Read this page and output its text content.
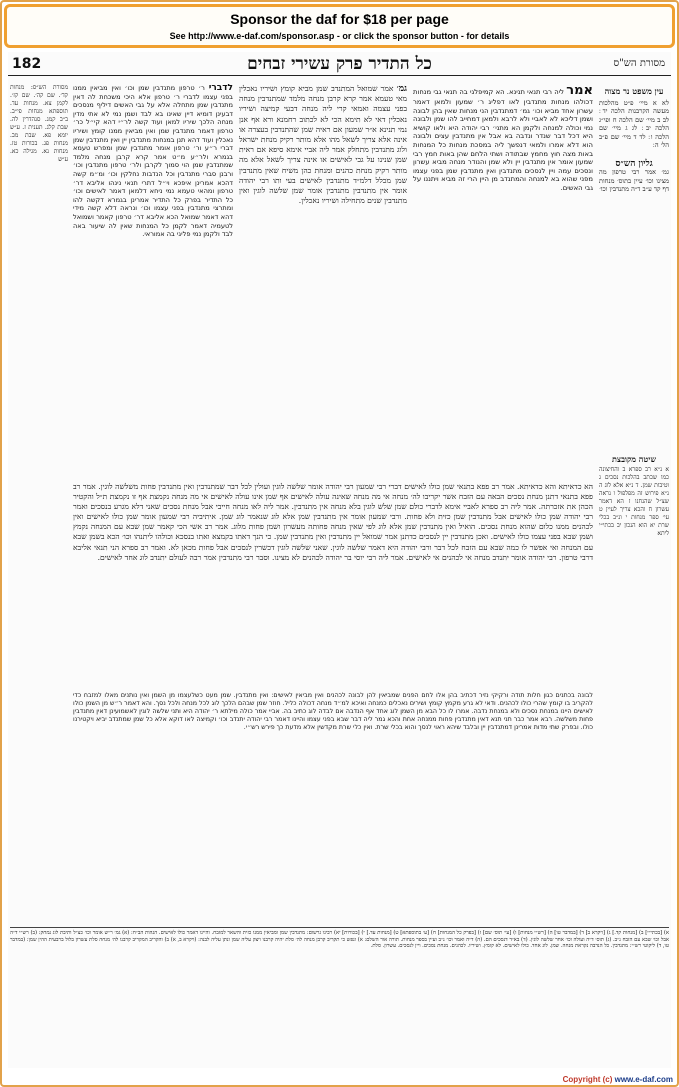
Sponsor the daf for $18 per page
See http://www.e-daf.com/sponsor.asp - or click the sponsor button - for details
מסורת הש"ס
כל התדיר פרק עשירי זבחים
182
עין משפט נר מצוה
לא א מיי׳ פ״ט מהלכות מעשה הקרבנות הלכה יד ׃ לב ב מיי׳ שם הלכה ח ופי״ג הלכה יב ׃ לג ג מיי׳ שם הלכה ו ׃ לד ד מיי׳ שם פ״ב הל׳ ה ׃
גליון הש״ס
גמ׳ אמר רבי טרפון מה מצינו וכו׳ עיין בתוס׳ מנחות דף קד ע״ב ד״ה מתנדבין וכו׳
אמר ליה רבי תנאי תנינא. הא קמיפלגי בה תנאי גבי מנחות דכולהו מנחות מתנדבין לאו דפליג ר׳ שמעון ולמאן דאמר עשרון אחד מביא וכו׳ גמ׳ דמתנדבין הני מנחות שאין בהן לבונה ושמן דליכא לא לאביי ולא לרבא ולמאן דמחייב להו שמן ולבונה נמי וכולה למנחה ולקמן הא מתני׳ רבי יהודה היא ולאו קושיא היא דכל דבר שנדר ונדבה בא אבל אין מתנדבין עצים ולבונה הוא דלא אמרו ולמאי דנפשך ליה במסכת מנחות כל המנחות באות מצה חוץ מחמץ שבתודה ושתי הלחם שהן באות חמץ רבי שמעון אומר אין מתנדבין יין ולא שמן והנודר מנחה מביא עשרון ונסכים עמה ויין לנסכים מתנדבין ואין מתנדבין שמן בפני עצמו מפני שהוא בא למנחה והמתנדב מן היין הרי זה מביא ויתננו על גבי האשים.
גמ׳ אמר שמואל המתנדב שמן מביא קומץ ושיריו נאכלין מאי טעמא אמר קרא קרבן מנחה מלמד שמתנדבין מנחה בפני עצמה ואמאי קרי ליה מנחה דבעי קמיצה ושיריו נאכלין דאי לא תימא הכי לא לכתוב רחמנא ורא אף אנן נמי תנינא א״ר שמעון אם ראיה שמן שהתנדבין בעצרה או אינה אלא צריך לשאל מהו אלא מותר רקיק מנחת ישראל ולוג מתנדבין מתחלק אמר ליה אביי אימא סיפא אם ראית שמן שנינו על גבי לאישים או אינה צריך לשאל אלא מה מותר רקיק מנחת כהנים ומנחת כהן משיח שאין מתנדבין שמן מכלל דלמ״ד מתנדבין לאישים בעי ותו רבי יהודה אומר אין מתנדבין מתנדבין אומר שמן שלשה לוגין ואין מתנדבין שנים מתחילה ושיריו נאכלין.
לדברי ר׳ טרפון מתנדבין שמן וכו׳ ואין מביאין ממנו בפני עצמו לדברי ר׳ טרפון אלא היכי משכחת לה דאין מתנדבין שמן מתחלה אלא על גבי האשים דיליף מנסכים דבעינן דומיא דיין שאינו בא לבד ושמן נמי לא אתי מדין מנחה הלכך שיריו למאן ועוד קשה לר״י דהא קי״ל כר׳ טרפון דאמר מתנדבין שמן ואין מביאין ממנו קומץ ושיריו נאכלין ועוד דהא תנן במנחות מתנדבין יין ואין מתנדבין שמן דברי ר״ע ור׳ טרפון אומר מתנדבין שמן ומפרש טעמא בגמרא ולר״ע מ״ט אמר קרא קרבן מנחה מלמד שמתנדבין שמן הוי סמוך לקרבן ולר׳ טרפון מתנדבין וכו׳ ורבנן סברי מתנדבין וכל הנדבות נחלקין וכו׳ ומ״מ קשה דהכא אמרינן איפכא וי״ל דתרי תנאי נינהו אליבא דר׳ טרפון ומהאי טעמא נמי ניחא דלמאן דאמר לאישים וכו׳ כל התדיר בפרק כל התדיר אמרינן בגמרא דקשה להו ומתרצי מתנדבין בפני עצמו וכו׳ ונראה דלא קשה מידי דהא דאמר שמואל הכא אליבא דר׳ טרפון קאמר ושמואל לטעמיה דאמר לקמן כל המנחות שאין לה שיעור באה לבד ולקמן נמי פליגי בה אמוראי.
מסורת הש״ס: מנחות קד׳. שם קה׳. שם קז׳. לקמן צא. מנחות עד. תוספתא מנחות פי״ב. ב״ב קמג. סנהדרין לה. שבת קלג. תענית ז. ע״ש יומא פא. שבת מב. מנחות פג. בכורות טז. מנחות נא. מגילה כא. ע״ש
הא כדאיתא והא כדאיתא. אמר רב פפא בתנאי שמן כולו לאישים דברי רבי שמעון רבי יהודה אומר שלשה לוגין ועולין לכל דבר שמתנדבין ואין מתנדבין פחות משלשה לוגין. אמר רב פפא בתנאי דתנן מנחת נסכים הבאה עם הזבח אשר יקריבו לה׳ מנחה אי מה מנחה שאינה עולה לאישים אף שמן אינו עולה לאישים אי מה מנחה נקמצת אף זו נקמצת ת״ל והקטיר הכהן את אזכרתה. אמר ליה רב ספרא לאביי אימא לדברי כולם שמן שלש לוגין בלא מנחה אין מתנדבין. אמר ליה לאו מנחה חייבי אבל מנחת נסכים שאני דלא מגרע בנסכים ואמר רבי יהודה שמן כולו לאישים אבל מתנדבין שמן כזית ולא פחות. ורבי שמעון אומר אין מתנדבין שמן אלא לוג שנאמר לוג שמן. איתיביה רבי שמעון אומר שמן כולו לאישים ואין לכהנים ממנו כלום שהוא מנחת נסכים. הואיל ואין מתנדבין שמן אלא לוג לפי שאין מנחה פחותה מעשרון ושמן פחות מלוג. אמר רב אשי הכי קאמר שמן שבא עם המנחה נקמץ ושמן שבא בפני עצמו כולו לאישים. ואכן מתנדבין יין לנסכים כדתנן אמר שמואל יין מתנדבין ואין מתנדבין שמן. כי הנך דאתו בקמצא ואתו בנסכא וכולהו ליתנהו וכו׳ הכא בשמן שבא עם המנחה ואי אפשר לו כמה שבא עם הזבח לכל דבר ורבי יהודה היא דאמר שלשה לוגין. שאני שלשה לוגין דכשרין לנסכים אבל פחות מכאן לא. ואמר רב ספרא הני תנאי אליבא דרבי טרפון. רבי יהודה אומר יתנדב מנחה אי לכהנים אי לאישים. אמר ליה רבי יוסי בר יהודה לכהנים לא מצינו. וסבר רבי מתנדבין אמר רבה לעולם יתנדב לוג אחד לאישים.
שיטה מקובצת
א נ״א רב ספרא ב והחיצונה כמו שכתב בהלכות נסכים ג וטיבות שמן. ד נ״א אלא לוג ה נ״א פירוש זה מפלפול ו נראה שצ״ל שהנחנו ז הא דאמר עשרון ח והכא צריך לעיין ט עי׳ ספר מנחות י ונ״ב בכלי שרת יא הוא הנכון יב בכתי״י ליתא
לבונה בכתנים כגון חלות תודה ורקיקי נזיר דכתיב בהן אלו לחם הפנים שמביאין להן לבונה לכהנים ואין מביאין לאישים: ואין מתנדבין. שמן מעט כשלעצמו מן השמן ואין נותנים מאלו למזבח כדי להקריב בו קומץ שהרי כולו לכהנים. ודאי לא גרע מקמץ קומץ ושירים נאכלים כמנחה ואיכא למ״ד מנחה דכולה כליל. חוזר שמן שבהם הלכך לוג לכל מנחה ולכל נסך. והא דאמר ר״ש מן השמן כולו לאישים היינו במנחת נסכים ולא במנחת נדבה. אמרו לו כל הבא מן השמן לוג אחד אף הנדבה אם לבדה לוג כתיב בה. אביי אמר כולה מילתא ר׳ יהודה היא ותני שלשה לוגין לאשמועינן דאין מתנדבין פחות משלשה. רבא אמר כבר תני תנא דאין מתנדבין פחות ממנחה אחת והכא גמר ליה דבר שבא בפני עצמו והיינו דאמר רבי יהודה יתנדב וכו׳ וקמיצה לאו דוקא אלא כל שמן שמתנדב יביא ויקטירנו כולו. ובפרק שתי מדות אמרינן דמתנדבין יין ובלבד שיהא ראוי לנסך והוא בכלי שרת. ואין כלי שרת מקדשין אלא מדעת כך פירש רש״י.
א) [בכתי״י] ב) [מנחות קד.] ג) [ויקרא ב] ד) [במדבר טו] ה) [רש״י מנחות] ו) [עי׳ תוס׳ שם] ז) [בפרק כל המנחות] ח) [ע׳ בתוספתא] ט) [מנחות עד.] י) [בכורות] יא) רבינו גרשום: מתנדבין שמן ומביאין ממנו כזית והשאר למזבח. והיינו דאמר כולו לאישים. הגהות הב״ח: (א) גמ׳ ר״ש אומר וכו׳ כצ״ל ותיבת לוג נמחק: (ב) רש״י ד״ה אבל וכו׳ שבא עם הזבח נ״ב. (ג) תוס׳ ד״ה ועולה וכו׳ אחר שלשה לוגין. (ד) בא״ד דנסכים הם. (ה) ד״ה ואמר וכו׳ נ״ב ועיין בספר מנחות. תורה אור השלם: א) ונפש כי תקריב קרבן מנחה לה׳ סלת יהיה קרבנו ויצק עליה שמן ונתן עליה לבנה: (ויקרא ב, א) ב) והקריב המקריב קרבנו לה׳ מנחה סלת עשרון בלול ברבעית ההין שמן: (במדבר טו, ד) ליקוטי רש״י: מתנדבין. כל הנדבה נקראת מנחה. שמן. לוג אחד. כולו לאישים. לא קומץ. ושיריו. לכהנים. מנחת נסכים. ויין לנסכים. עשרון. סלת.
Copyright (c) www.e-daf.com
